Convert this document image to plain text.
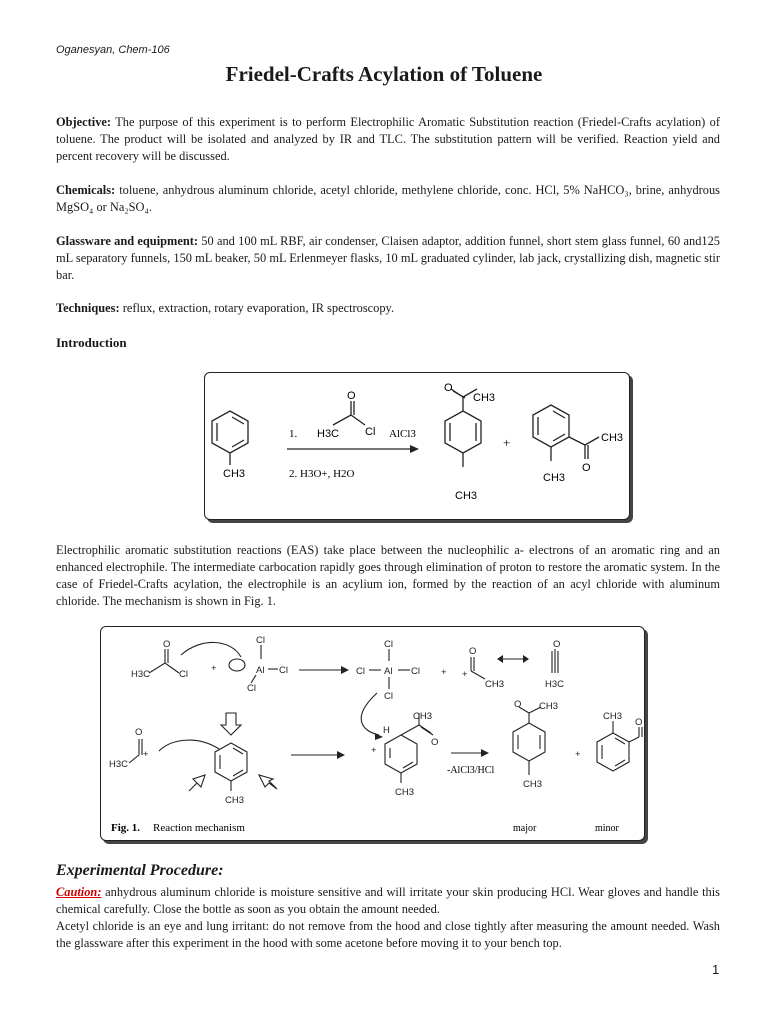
Oganesyan, Chem-106
Friedel-Crafts Acylation of Toluene
Objective: The purpose of this experiment is to perform Electrophilic Aromatic Substitution reaction (Friedel-Crafts acylation) of toluene. The product will be isolated and analyzed by IR and TLC. The substitution pattern will be verified. Reaction yield and percent recovery will be discussed.
Chemicals: toluene, anhydrous aluminum chloride, acetyl chloride, methylene chloride, conc. HCl, 5% NaHCO₃, brine, anhydrous MgSO₄ or Na₂SO₄.
Glassware and equipment: 50 and 100 mL RBF, air condenser, Claisen adaptor, addition funnel, short stem glass funnel, 60 and125 mL separatory funnels, 150 mL beaker, 50 mL Erlenmeyer flasks, 10 mL graduated cylinder, lab jack, crystallizing dish, magnetic stir bar.
Techniques: reflux, extraction, rotary evaporation, IR spectroscopy.
Introduction
CH3
1. H3C
O
Cl AlCl3
2. H3O+, H2O
O
CH3
CH3
+	CH3
O
CH3
Electrophilic aromatic substitution reactions (EAS) take place between the nucleophilic a- electrons of an aromatic ring and an enhanced electrophile. The intermediate carbocation rapidly goes through elimination of proton to restore the aromatic system. In the case of Friedel-Crafts acylation, the electrophile is an acylium ion, formed by the reaction of an acyl chloride with aluminum chloride. The mechanism is shown in Fig. 1.
O
H3C	Cl
+
Cl
Al Cl
Cl
Cl
Cl Al Cl
Cl
+
O
CH3
+
O
H3C
O
H3C
+
CH3
H
+
CH3
O
CH3
O CH3
CH3
+
CH3
O
-AlCl3/HCl
Fig. 1. Reaction mechanism	major	minor
Experimental Procedure:
Caution: anhydrous aluminum chloride is moisture sensitive and will irritate your skin producing HCl. Wear gloves and handle this chemical carefully. Close the bottle as soon as you obtain the amount needed.
Acetyl chloride is an eye and lung irritant: do not remove from the hood and close tightly after measuring the amount needed. Wash the glassware after this experiment in the hood with some acetone before moving it to your bench top.
1
